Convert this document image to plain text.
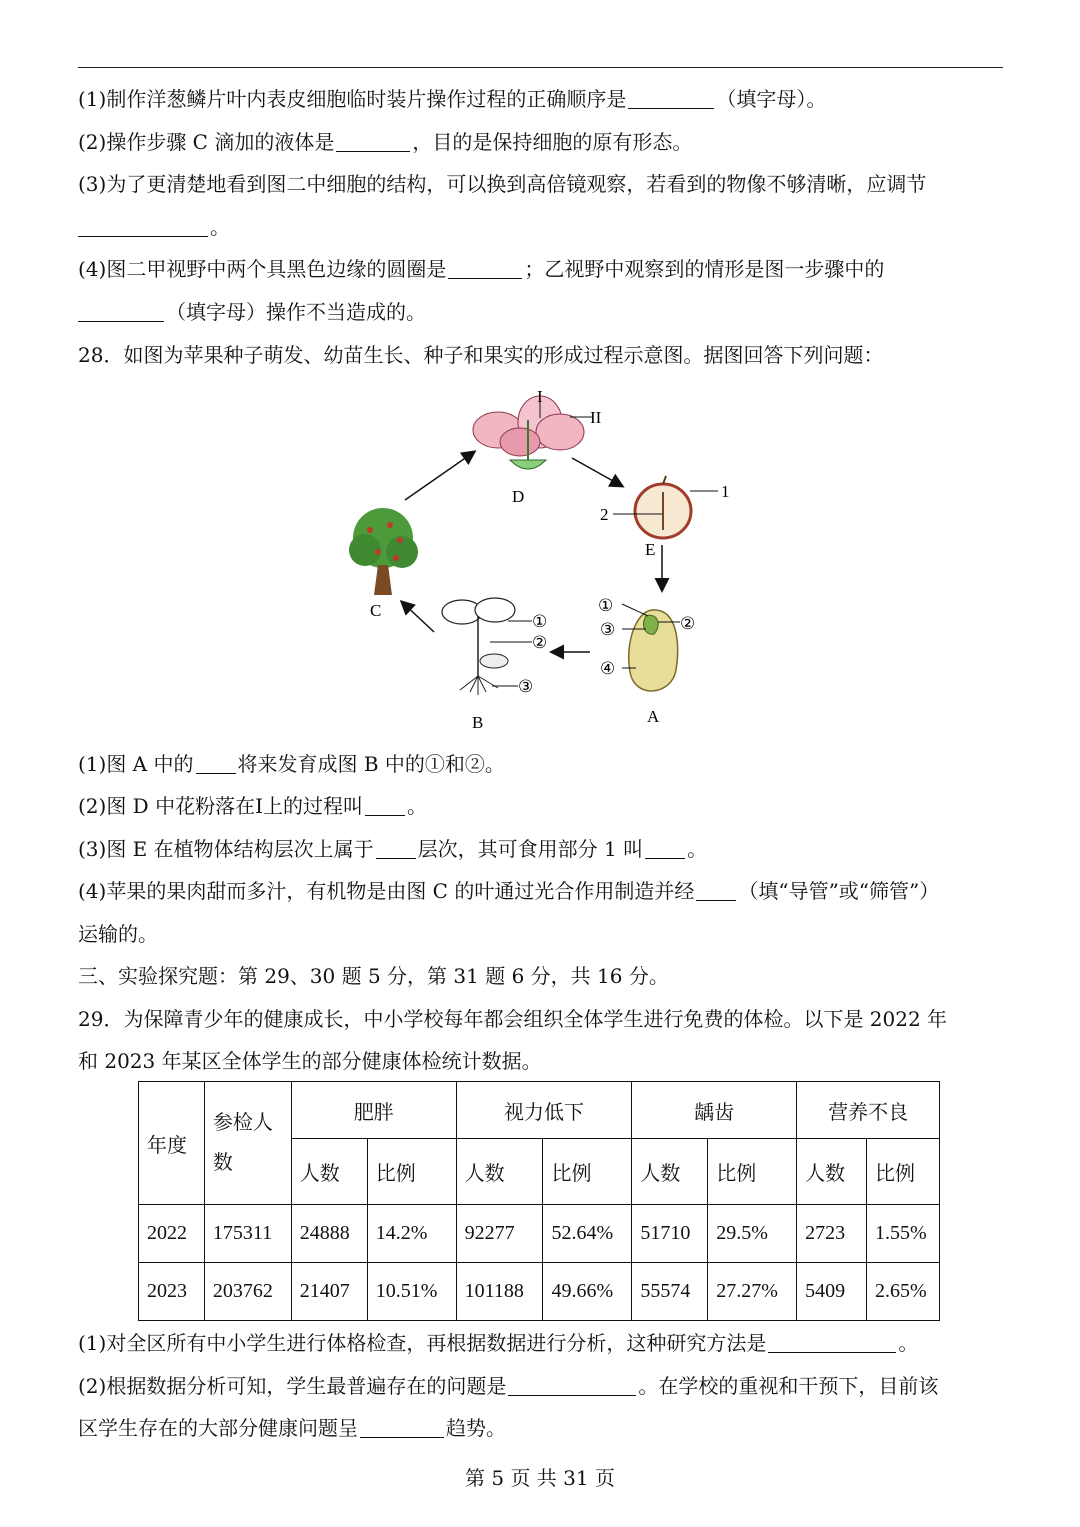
(1)制作洋葱鳞片叶内表皮细胞临时装片操作过程的正确顺序是	（填字母）。
(2)操作步骤 C 滴加的液体是	，目的是保持细胞的原有形态。
(3)为了更清楚地看到图二中细胞的结构，可以换到高倍镜观察，若看到的物像不够清晰，应调节
。
(4)图二甲视野中两个具黑色边缘的圆圈是	；乙视野中观察到的情形是图一步骤中的
（填字母）操作不当造成的。
28．如图为苹果种子萌发、幼苗生长、种子和果实的形成过程示意图。据图回答下列问题：
I
II
D	1
2
E
C
①
②
③
B
①
③	②
④
A
(1)图 A 中的 将来发育成图 B 中的①和②。
(2)图 D 中花粉落在I上的过程叫 。
(3)图 E 在植物体结构层次上属于 层次，其可食用部分 1 叫 。
(4)苹果的果肉甜而多汁，有机物是由图 C 的叶通过光合作用制造并经 （填“导管”或“筛管”）
运输的。
三、实验探究题：第 29、30 题 5 分，第 31 题 6 分，共 16 分。
29．为保障青少年的健康成长，中小学校每年都会组织全体学生进行免费的体检。以下是 2022 年
和 2023 年某区全体学生的部分健康体检统计数据。
年度	参检人
数	肥胖		视力低下		龋齿		营养不良	
		人数	比例	人数	比例	人数	比例	人数	比例
2022	175311	24888	14.2%	92277	52.64%	51710	29.5%	2723	1.55%
2023	203762	21407	10.51%	101188	49.66%	55574	27.27%	5409	2.65%
(1)对全区所有中小学生进行体格检查，再根据数据进行分析，这种研究方法是	。
(2)根据数据分析可知，学生最普遍存在的问题是	。在学校的重视和干预下，目前该
区学生存在的大部分健康问题呈	趋势。
第 5 页 共 31 页
